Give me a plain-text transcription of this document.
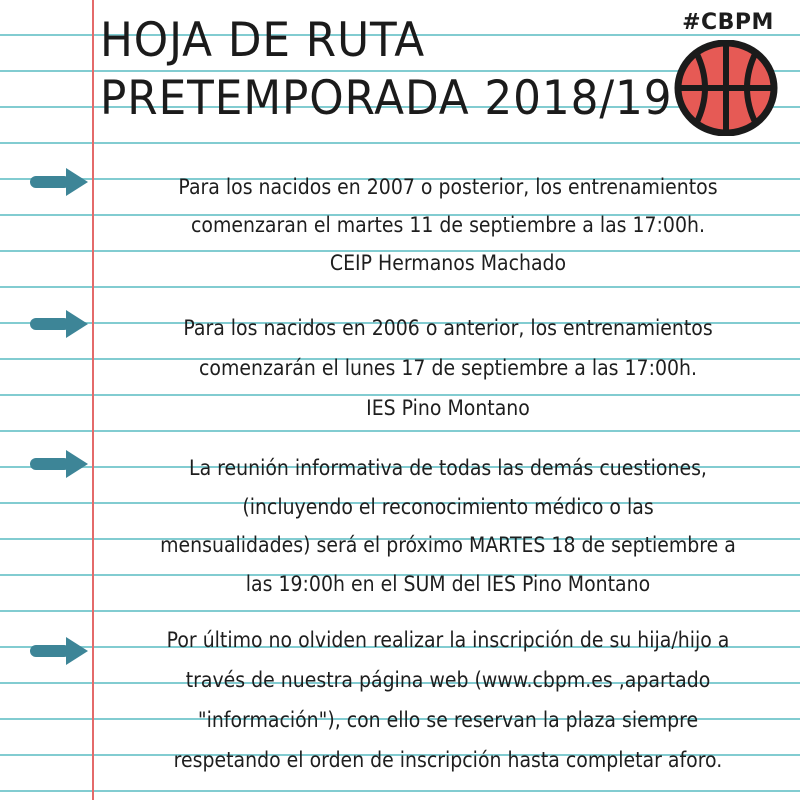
HOJA DE RUTA
PRETEMPORADA 2018/19
#CBPM
Para los nacidos en 2007 o posterior, los entrenamientos
comenzaran el martes 11 de septiembre a las 17:00h.
CEIP Hermanos Machado
Para los nacidos en 2006 o anterior, los entrenamientos
comenzarán el lunes 17 de septiembre a las 17:00h.
IES Pino Montano
La reunión informativa de todas las demás cuestiones,
(incluyendo el reconocimiento médico o las
mensualidades) será el próximo MARTES 18 de septiembre a
las 19:00h en el SUM del IES Pino Montano
Por último no olviden realizar la inscripción de su hija/hijo a
través de nuestra página web (www.cbpm.es ,apartado
"información"), con ello se reservan la plaza siempre
respetando el orden de inscripción hasta completar aforo.
